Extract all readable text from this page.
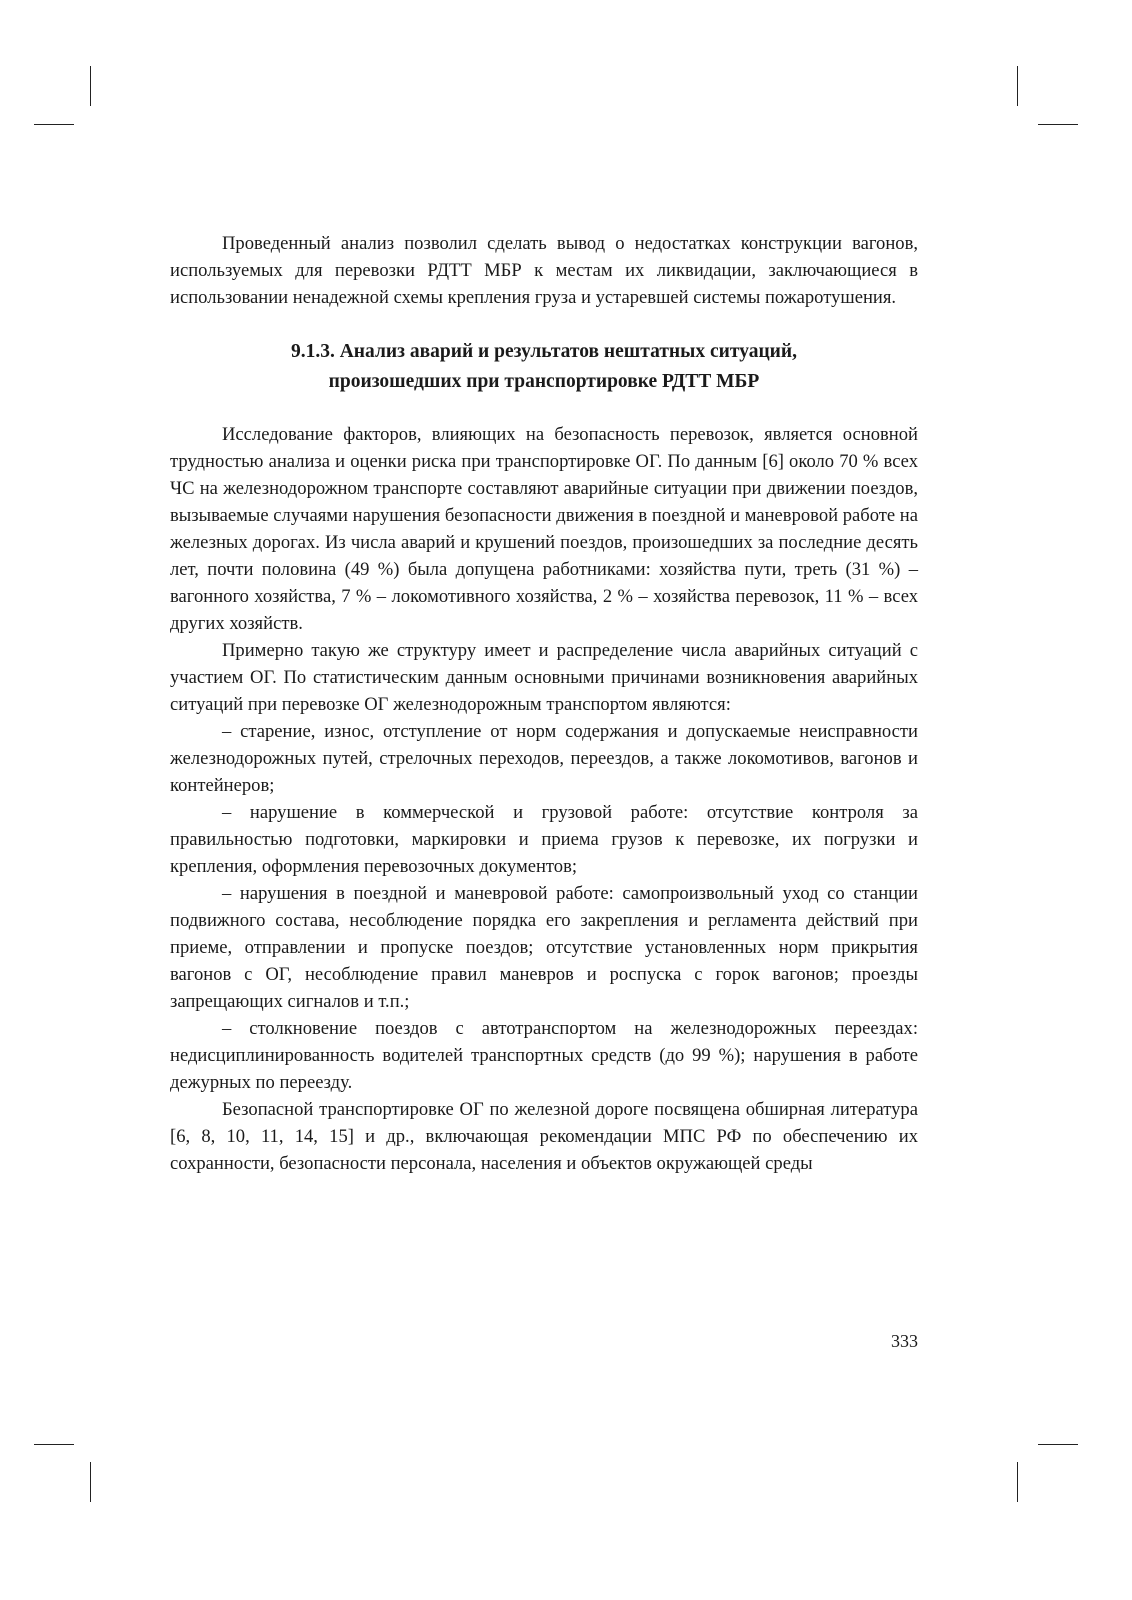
Проведенный анализ позволил сделать вывод о недостатках конструкции вагонов, используемых для перевозки РДТТ МБР к местам их ликвидации, заключающиеся в использовании ненадежной схемы крепления груза и устаревшей системы пожаротушения.

9.1.3. Анализ аварий и результатов нештатных ситуаций,
произошедших при транспортировке РДТТ МБР

Исследование факторов, влияющих на безопасность перевозок, является основной трудностью анализа и оценки риска при транспортировке ОГ. По данным [6] около 70 % всех ЧС на железнодорожном транспорте составляют аварийные ситуации при движении поездов, вызываемые случаями нарушения безопасности движения в поездной и маневровой работе на железных дорогах. Из числа аварий и крушений поездов, произошедших за последние десять лет, почти половина (49 %) была допущена работниками: хозяйства пути, треть (31 %) – вагонного хозяйства, 7 % – локомотивного хозяйства, 2 % – хозяйства перевозок, 11 % – всех других хозяйств.

Примерно такую же структуру имеет и распределение числа аварийных ситуаций с участием ОГ. По статистическим данным основными причинами возникновения аварийных ситуаций при перевозке ОГ железнодорожным транспортом являются:

– старение, износ, отступление от норм содержания и допускаемые неисправности железнодорожных путей, стрелочных переходов, переездов, а также локомотивов, вагонов и контейнеров;

– нарушение в коммерческой и грузовой работе: отсутствие контроля за правильностью подготовки, маркировки и приема грузов к перевозке, их погрузки и крепления, оформления перевозочных документов;

– нарушения в поездной и маневровой работе: самопроизвольный уход со станции подвижного состава, несоблюдение порядка его закрепления и регламента действий при приеме, отправлении и пропуске поездов; отсутствие установленных норм прикрытия вагонов с ОГ, несоблюдение правил маневров и роспуска с горок вагонов; проезды запрещающих сигналов и т.п.;

– столкновение поездов с автотранспортом на железнодорожных переездах: недисциплинированность водителей транспортных средств (до 99 %); нарушения в работе дежурных по переезду.

Безопасной транспортировке ОГ по железной дороге посвящена обширная литература [6, 8, 10, 11, 14, 15] и др., включающая рекомендации МПС РФ по обеспечению их сохранности, безопасности персонала, населения и объектов окружающей среды

333
